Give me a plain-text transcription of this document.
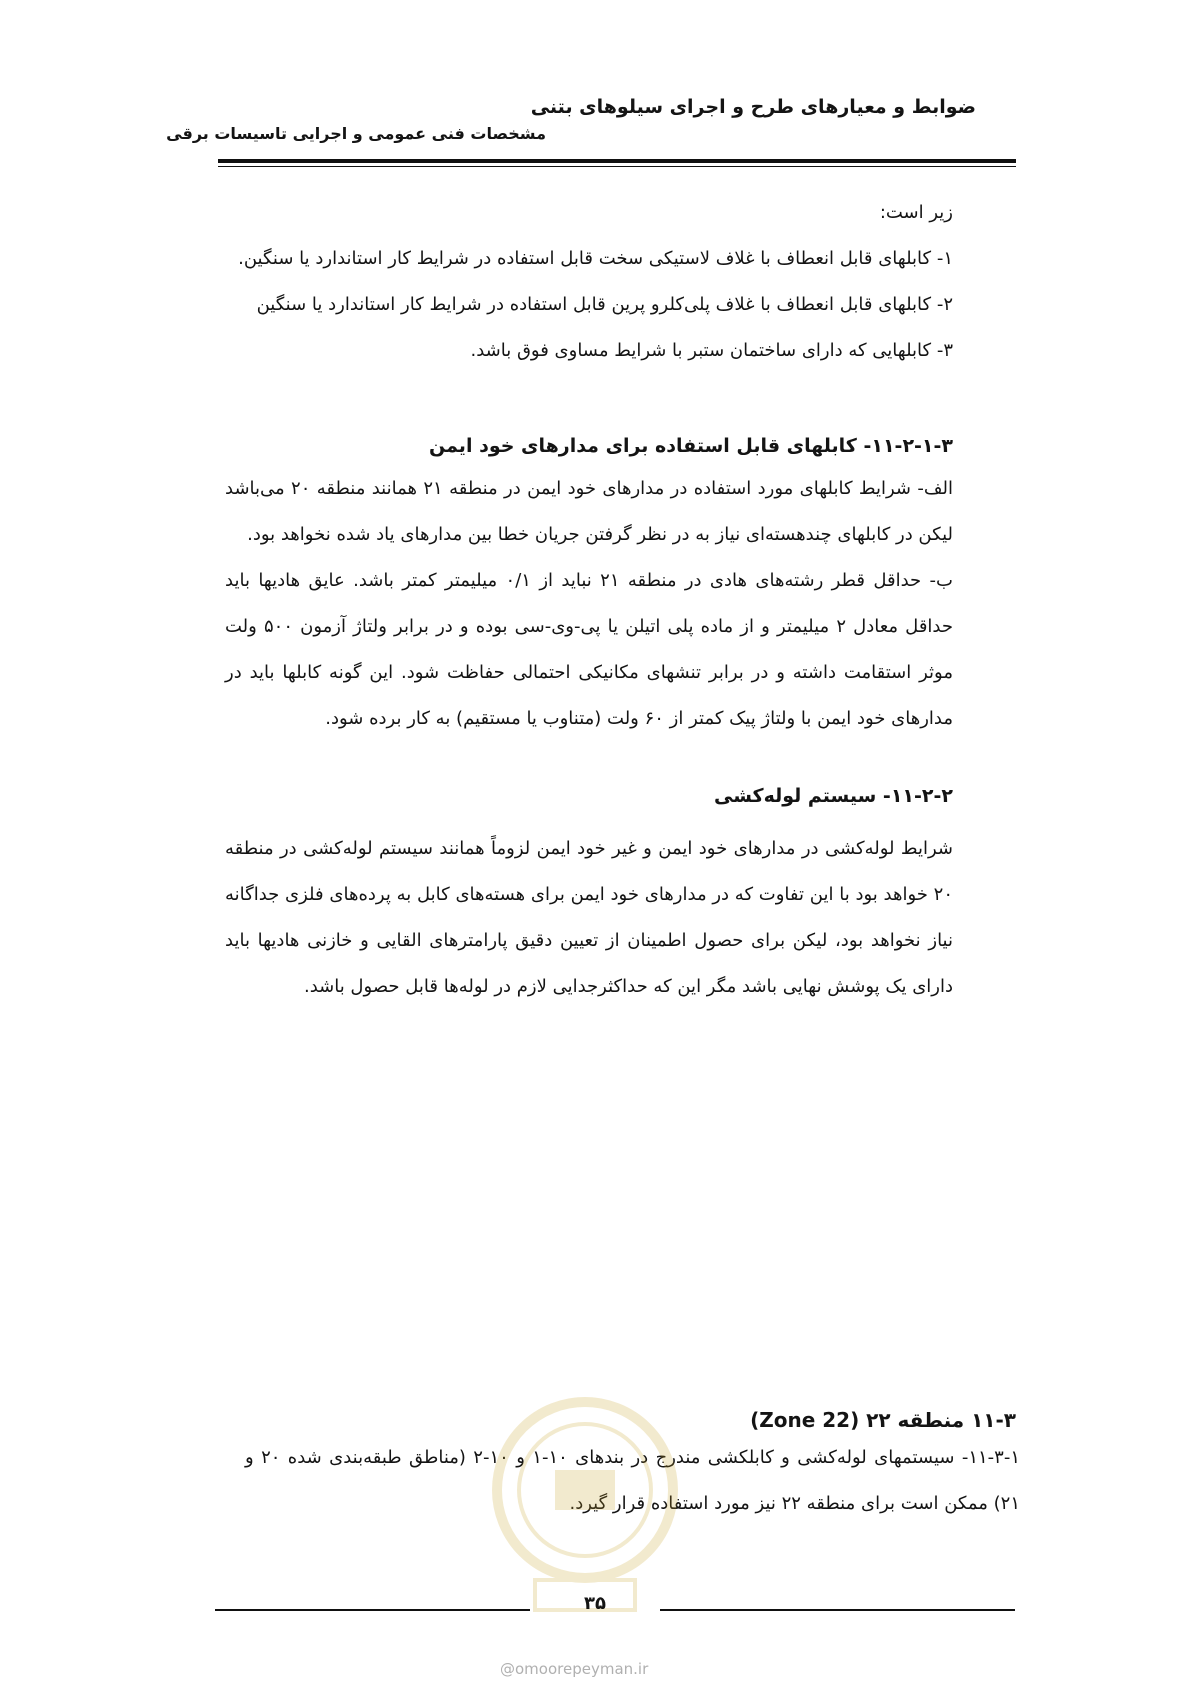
ضوابط و معیارهای طرح و اجرای سیلوهای بتنی
مشخصات فنی عمومی و اجرایی تاسیسات برقی

زیر است:

۱- کابلهای قابل انعطاف با غلاف لاستیکی سخت قابل استفاده در شرایط کار استاندارد یا سنگین.

۲- کابلهای قابل انعطاف با غلاف پلی‌کلرو پرین قابل استفاده در شرایط کار استاندارد یا سنگین

۳- کابلهایی که دارای ساختمان ستبر با شرایط مساوی فوق باشد.

۱۱-۲-۱-۳- کابلهای قابل استفاده برای مدارهای خود ایمن

الف- شرایط کابلهای مورد استفاده در مدارهای خود ایمن در منطقه ۲۱ همانند منطقه ۲۰ می‌باشد لیکن در کابلهای چندهسته‌ای نیاز به در نظر گرفتن جریان خطا بین مدارهای یاد شده نخواهد بود.

ب- حداقل قطر رشته‌های هادی در منطقه ۲۱ نباید از ۰/۱ میلیمتر کمتر باشد. عایق هادیها باید حداقل معادل ۲ میلیمتر و از ماده پلی اتیلن یا پی-وی-سی بوده و در برابر ولتاژ آزمون ۵۰۰ ولت موثر استقامت داشته و در برابر تنشهای مکانیکی احتمالی حفاظت شود. این گونه کابلها باید در مدارهای خود ایمن با ولتاژ پیک کمتر از ۶۰ ولت (متناوب یا مستقیم) به کار برده شود.

۱۱-۲-۲- سیستم لوله‌کشی

شرایط لوله‌کشی در مدارهای خود ایمن و غیر خود ایمن لزوماً همانند سیستم لوله‌کشی در منطقه ۲۰ خواهد بود با این تفاوت که در مدارهای خود ایمن برای هسته‌های کابل به پرده‌های فلزی جداگانه نیاز نخواهد بود، لیکن برای حصول اطمینان از تعیین دقیق پارامترهای القایی و خازنی هادیها باید دارای یک پوشش نهایی باشد مگر این که حداکثرجدایی لازم در لوله‌ها قابل حصول باشد.

۱۱-۳ منطقه ۲۲ (Zone 22)
۱۱-۳-۱- سیستمهای لوله‌کشی و کابلکشی مندرج در بندهای ۱۰-۱ و ۱۰-۲ (مناطق طبقه‌بندی شده ۲۰ و ۲۱) ممکن است برای منطقه ۲۲ نیز مورد استفاده قرار گیرد.
۳۵
@omoorepeyman.ir
